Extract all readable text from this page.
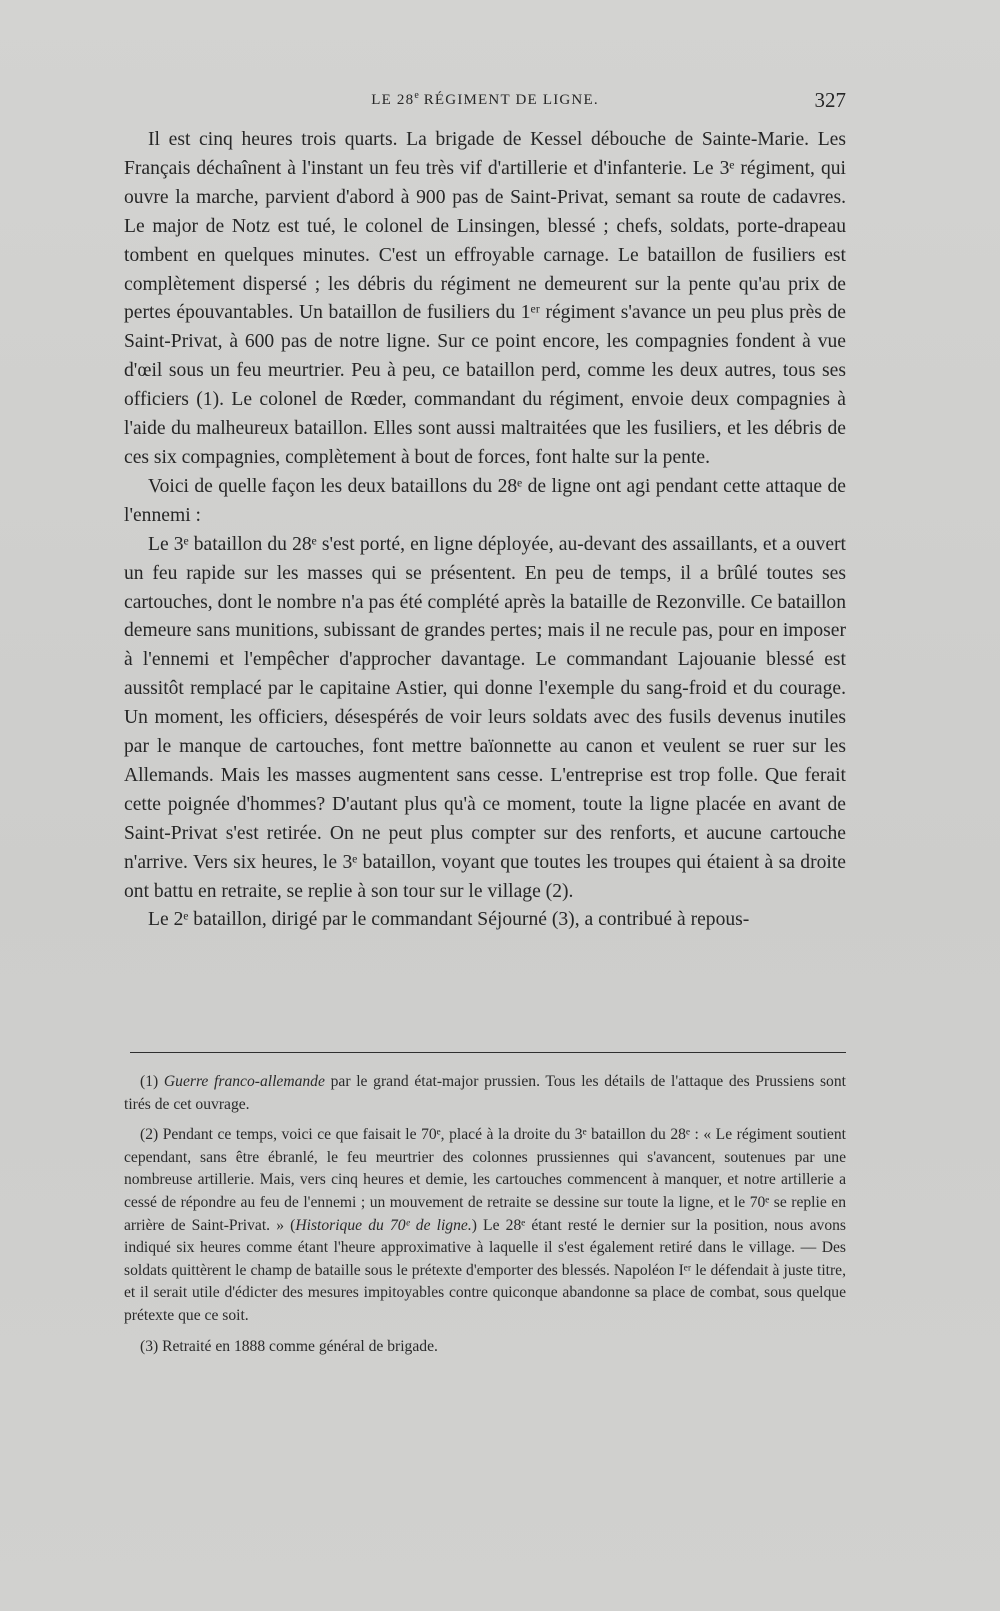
LE 28e RÉGIMENT DE LIGNE.	327

Il est cinq heures trois quarts. La brigade de Kessel débouche de Sainte-Marie. Les Français déchaînent à l'instant un feu très vif d'artillerie et d'infanterie. Le 3ᵉ régiment, qui ouvre la marche, parvient d'abord à 900 pas de Saint-Privat, semant sa route de cadavres. Le major de Notz est tué, le colonel de Linsingen, blessé ; chefs, soldats, porte-drapeau tombent en quelques minutes. C'est un effroyable carnage. Le bataillon de fusiliers est complètement dispersé ; les débris du régiment ne demeurent sur la pente qu'au prix de pertes épouvantables. Un bataillon de fusiliers du 1ᵉʳ régiment s'avance un peu plus près de Saint-Privat, à 600 pas de notre ligne. Sur ce point encore, les compagnies fondent à vue d'œil sous un feu meurtrier. Peu à peu, ce bataillon perd, comme les deux autres, tous ses officiers (1). Le colonel de Rœder, commandant du régiment, envoie deux compagnies à l'aide du malheureux bataillon. Elles sont aussi maltraitées que les fusiliers, et les débris de ces six compagnies, complètement à bout de forces, font halte sur la pente.

Voici de quelle façon les deux bataillons du 28ᵉ de ligne ont agi pendant cette attaque de l'ennemi :

Le 3ᵉ bataillon du 28ᵉ s'est porté, en ligne déployée, au-devant des assaillants, et a ouvert un feu rapide sur les masses qui se présentent. En peu de temps, il a brûlé toutes ses cartouches, dont le nombre n'a pas été complété après la bataille de Rezonville. Ce bataillon demeure sans munitions, subissant de grandes pertes; mais il ne recule pas, pour en imposer à l'ennemi et l'empêcher d'approcher davantage. Le commandant Lajouanie blessé est aussitôt remplacé par le capitaine Astier, qui donne l'exemple du sang-froid et du courage. Un moment, les officiers, désespérés de voir leurs soldats avec des fusils devenus inutiles par le manque de cartouches, font mettre baïonnette au canon et veulent se ruer sur les Allemands. Mais les masses augmentent sans cesse. L'entreprise est trop folle. Que ferait cette poignée d'hommes? D'autant plus qu'à ce moment, toute la ligne placée en avant de Saint-Privat s'est retirée. On ne peut plus compter sur des renforts, et aucune cartouche n'arrive. Vers six heures, le 3ᵉ bataillon, voyant que toutes les troupes qui étaient à sa droite ont battu en retraite, se replie à son tour sur le village (2).

Le 2ᵉ bataillon, dirigé par le commandant Séjourné (3), a contribué à repous-

(1) Guerre franco-allemande par le grand état-major prussien. Tous les détails de l'attaque des Prussiens sont tirés de cet ouvrage.

(2) Pendant ce temps, voici ce que faisait le 70ᵉ, placé à la droite du 3ᵉ bataillon du 28ᵉ : « Le régiment soutient cependant, sans être ébranlé, le feu meurtrier des colonnes prussiennes qui s'avancent, soutenues par une nombreuse artillerie. Mais, vers cinq heures et demie, les cartouches commencent à manquer, et notre artillerie a cessé de répondre au feu de l'ennemi ; un mouvement de retraite se dessine sur toute la ligne, et le 70ᵉ se replie en arrière de Saint-Privat. » (Historique du 70ᵉ de ligne.) Le 28ᵉ étant resté le dernier sur la position, nous avons indiqué six heures comme étant l'heure approximative à laquelle il s'est également retiré dans le village. — Des soldats quittèrent le champ de bataille sous le prétexte d'emporter des blessés. Napoléon Iᵉʳ le défendait à juste titre, et il serait utile d'édicter des mesures impitoyables contre quiconque abandonne sa place de combat, sous quelque prétexte que ce soit.

(3) Retraité en 1888 comme général de brigade.
